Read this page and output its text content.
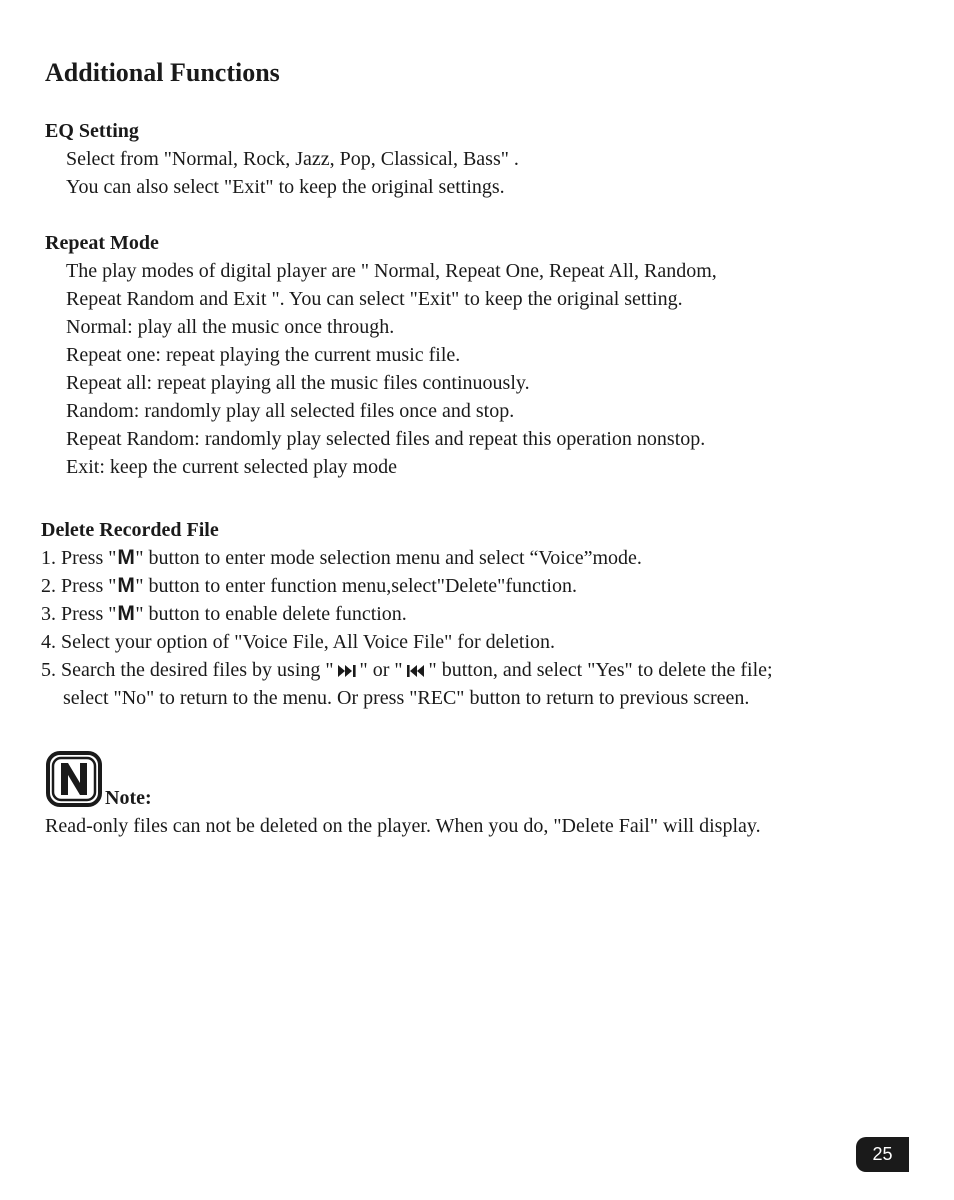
Additional Functions
EQ Setting
Select from "Normal, Rock, Jazz, Pop, Classical, Bass" .
You can also select "Exit" to keep the original settings.
Repeat Mode
The play modes of digital player are " Normal, Repeat One, Repeat All, Random,
Repeat Random and Exit ". You can select "Exit" to keep the original setting.
Normal: play all the music once through.
Repeat one: repeat playing the current music file.
Repeat all: repeat playing all the music files continuously.
Random: randomly play all selected files once and stop.
Repeat Random: randomly play selected files and repeat this operation nonstop.
Exit: keep the current selected play mode
Delete Recorded File
1. Press "M" button to enter mode selection menu and select “Voice”mode.
2. Press "M" button to enter function menu,select"Delete"function.
3. Press "M" button to enable delete function.
4. Select your option of "Voice File, All Voice File" for deletion.
5. Search the desired files by using " " or " " button, and select "Yes" to delete the file;
select "No" to return to the menu. Or press "REC" button to return to previous screen.
Note:
Read-only files can not be deleted on the player. When you do, "Delete Fail" will display.
25
